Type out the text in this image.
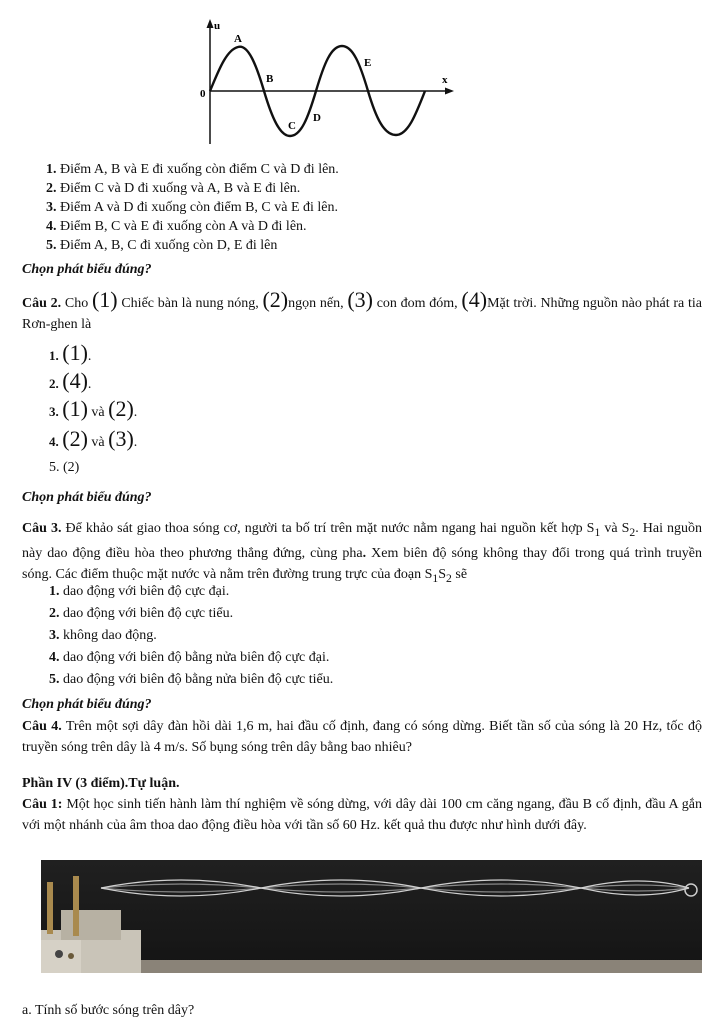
u
x
0
A
B
C
D
E
1. Điểm A, B và E đi xuống còn điểm C và D đi lên.
2. Điểm C và D đi xuống và A, B và E đi lên.
3. Điểm A và D đi xuống còn điểm B, C và E đi lên.
4. Điểm B, C và E đi xuống còn A và D đi lên.
5. Điểm A, B, C đi xuống còn D, E đi lên
Chọn phát biểu đúng?
Câu 2. Cho (1) Chiếc bàn là nung nóng, (2)ngọn nến, (3) con đom đóm, (4)Mặt trời. Những nguồn nào phát ra tia Rơn-ghen là
1. (1).
2. (4).
3. (1) và (2).
4. (2) và (3).
5. (2)
Chọn phát biểu đúng?
Câu 3. Để khảo sát giao thoa sóng cơ, người ta bố trí trên mặt nước nằm ngang hai nguồn kết hợp $S_1$ và $S_2$. Hai nguồn này dao động điều hòa theo phương thẳng đứng, cùng pha. Xem biên độ sóng không thay đổi trong quá trình truyền sóng. Các điểm thuộc mặt nước và nằm trên đường trung trực của đoạn $S_1S_2$ sẽ
1. dao động với biên độ cực đại.
2. dao động với biên độ cực tiểu.
3. không dao động.
4. dao động với biên độ bằng nửa biên độ cực đại.
5. dao động với biên độ bằng nửa biên độ cực tiểu.
Chọn phát biểu đúng?
Câu 4. Trên một sợi dây đàn hồi dài 1,6 m, hai đầu cố định, đang có sóng dừng. Biết tần số của sóng là 20 Hz, tốc độ truyền sóng trên dây là 4 m/s. Số bụng sóng trên dây bằng bao nhiêu?
Phần IV (3 điểm).Tự luận.
Câu 1: Một học sinh tiến hành làm thí nghiệm về sóng dừng, với dây dài 100 cm căng ngang, đầu B cố định, đầu A gắn với một nhánh của âm thoa dao động điều hòa với tần số 60 Hz. kết quả thu được như hình dưới đây.
a. Tính số bước sóng trên dây?
